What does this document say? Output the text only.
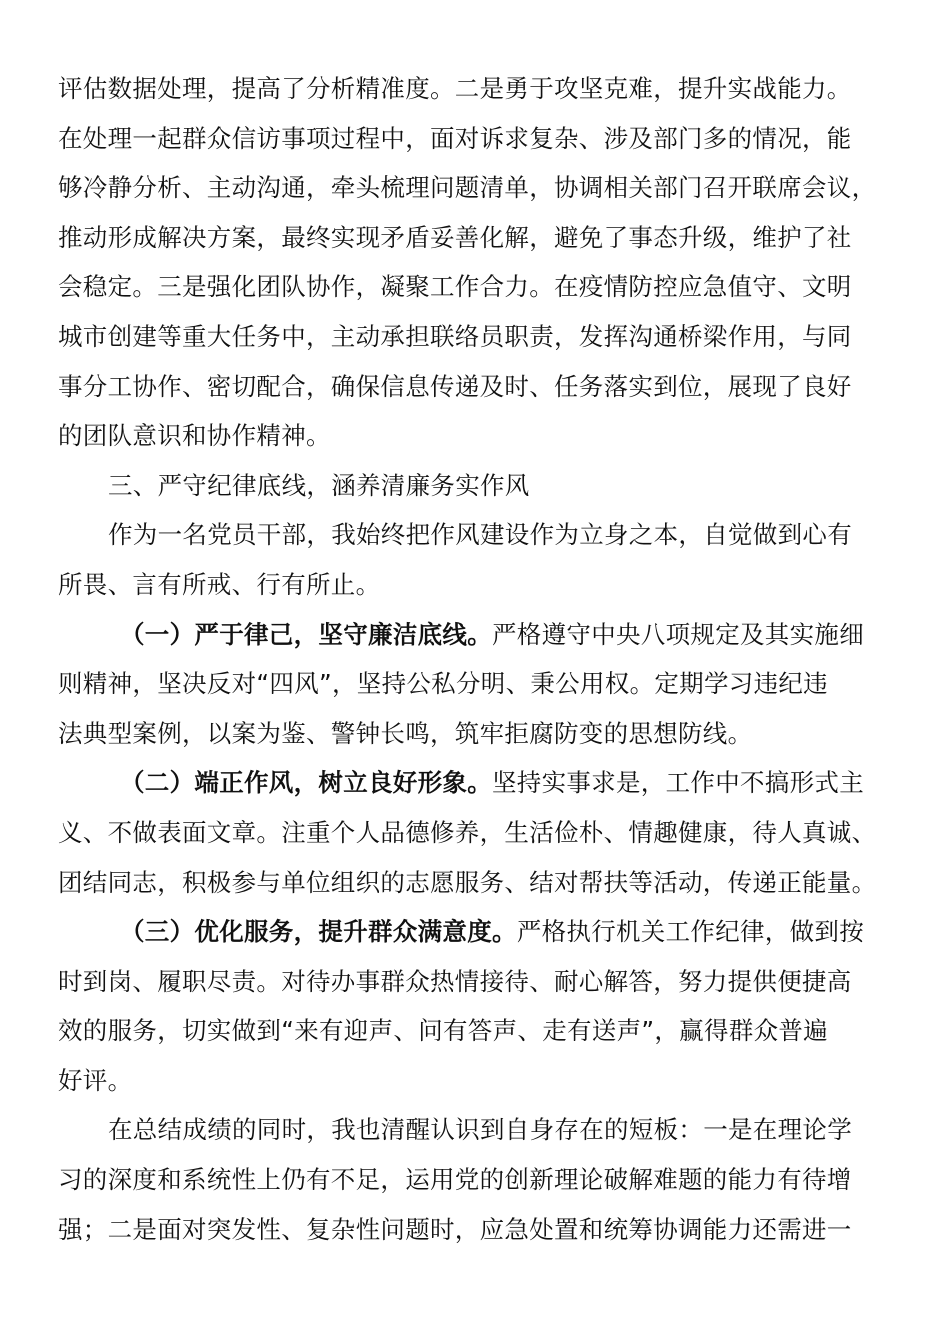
评估数据处理，提高了分析精准度。二是勇于攻坚克难，提升实战能力。
在处理一起群众信访事项过程中，面对诉求复杂、涉及部门多的情况，能
够冷静分析、主动沟通，牵头梳理问题清单，协调相关部门召开联席会议，
推动形成解决方案，最终实现矛盾妥善化解，避免了事态升级，维护了社
会稳定。三是强化团队协作，凝聚工作合力。在疫情防控应急值守、文明
城市创建等重大任务中，主动承担联络员职责，发挥沟通桥梁作用，与同
事分工协作、密切配合，确保信息传递及时、任务落实到位，展现了良好
的团队意识和协作精神。
三、严守纪律底线，涵养清廉务实作风
作为一名党员干部，我始终把作风建设作为立身之本，自觉做到心有
所畏、言有所戒、行有所止。
（一）严于律己，坚守廉洁底线。严格遵守中央八项规定及其实施细
则精神，坚决反对“四风”，坚持公私分明、秉公用权。定期学习违纪违
法典型案例，以案为鉴、警钟长鸣，筑牢拒腐防变的思想防线。
（二）端正作风，树立良好形象。坚持实事求是，工作中不搞形式主
义、不做表面文章。注重个人品德修养，生活俭朴、情趣健康，待人真诚、
团结同志，积极参与单位组织的志愿服务、结对帮扶等活动，传递正能量。
（三）优化服务，提升群众满意度。严格执行机关工作纪律，做到按
时到岗、履职尽责。对待办事群众热情接待、耐心解答，努力提供便捷高
效的服务，切实做到“来有迎声、问有答声、走有送声”，赢得群众普遍
好评。
在总结成绩的同时，我也清醒认识到自身存在的短板：一是在理论学
习的深度和系统性上仍有不足，运用党的创新理论破解难题的能力有待增
强；二是面对突发性、复杂性问题时，应急处置和统筹协调能力还需进一
